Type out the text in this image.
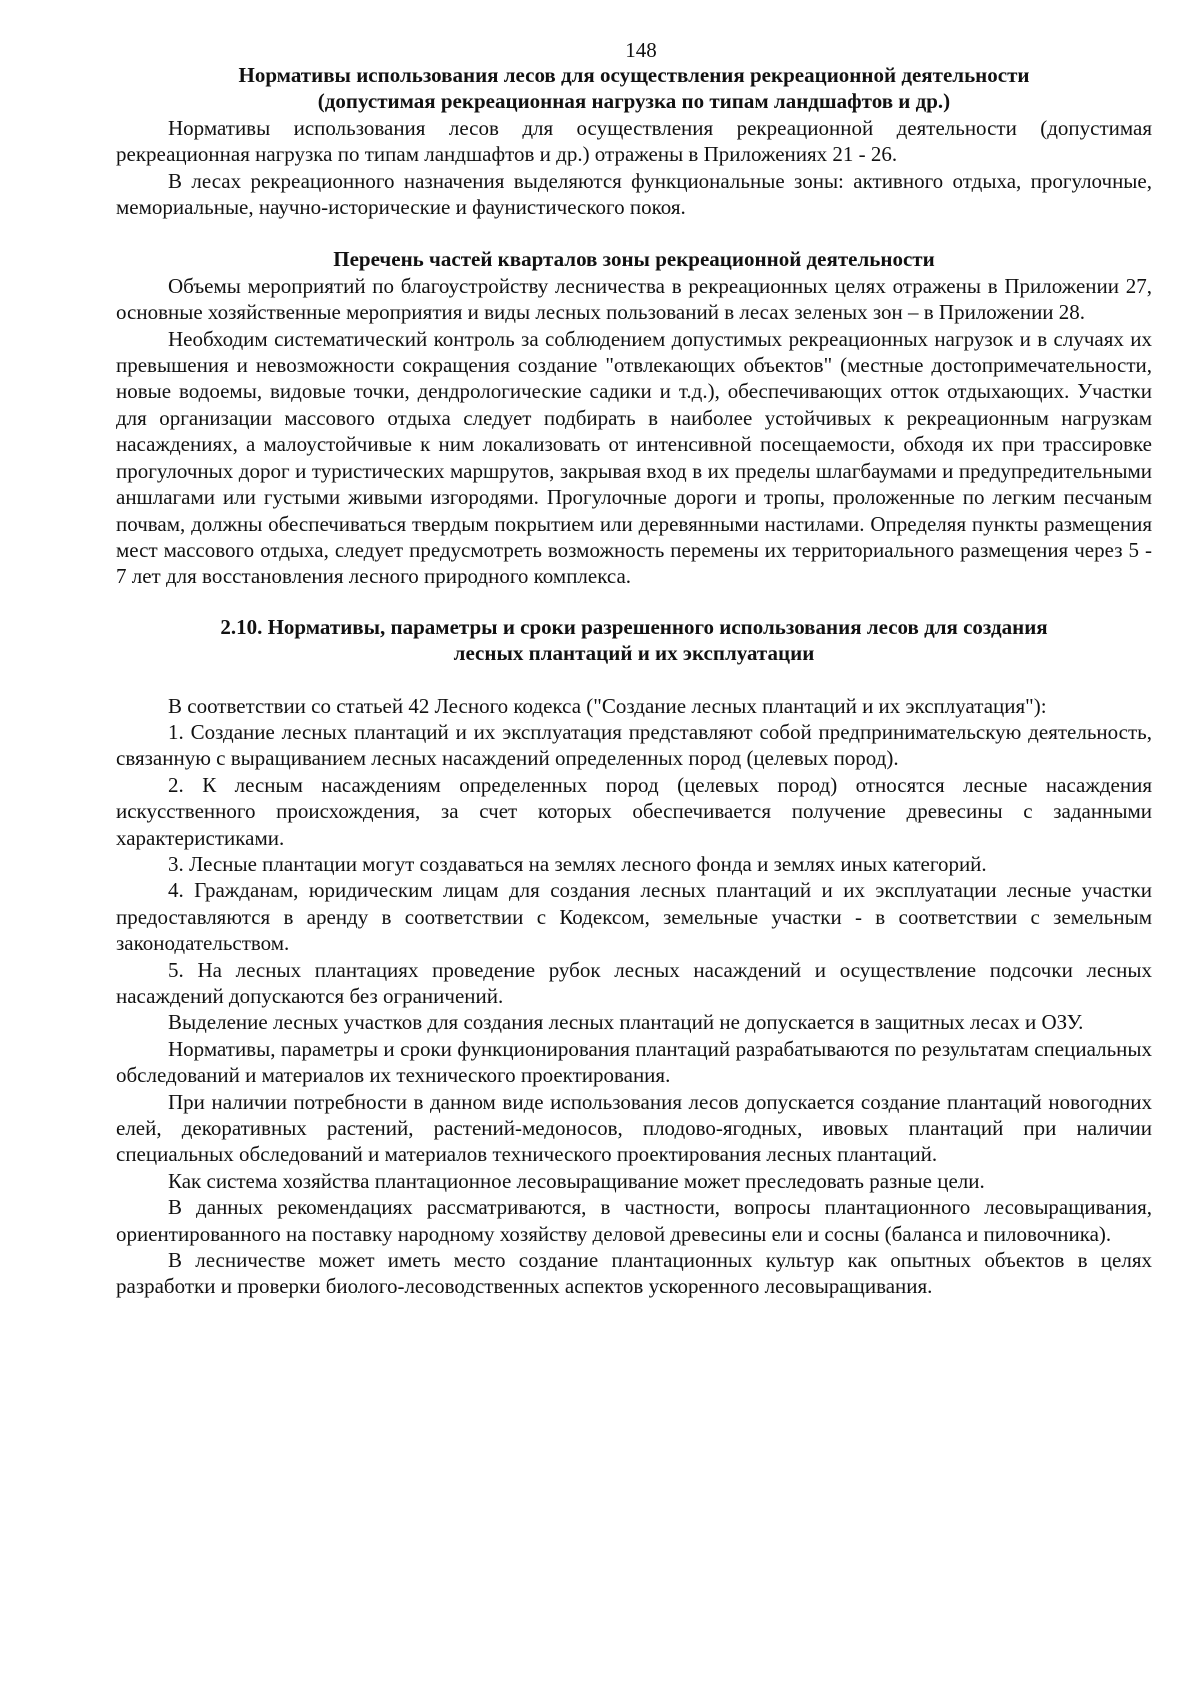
148
Нормативы использования лесов для осуществления рекреационной деятельности
(допустимая рекреационная нагрузка по типам ландшафтов и др.)

Нормативы использования лесов для осуществления рекреационной деятельности (допустимая рекреационная нагрузка по типам ландшафтов и др.) отражены в Приложениях 21 - 26.

В лесах рекреационного назначения выделяются функциональные зоны: активного отдыха, прогулочные, мемориальные, научно-исторические и фаунистического покоя.

Перечень частей кварталов зоны рекреационной деятельности

Объемы мероприятий по благоустройству лесничества в рекреационных целях отражены в Приложении 27, основные хозяйственные мероприятия и виды лесных пользований в лесах зеленых зон – в Приложении 28.

Необходим систематический контроль за соблюдением допустимых рекреационных нагрузок и в случаях их превышения и невозможности сокращения создание "отвлекающих объектов" (местные достопримечательности, новые водоемы, видовые точки, дендрологические садики и т.д.), обеспечивающих отток отдыхающих. Участки для организации массового отдыха следует подбирать в наиболее устойчивых к рекреационным нагрузкам насаждениях, а малоустойчивые к ним локализовать от интенсивной посещаемости, обходя их при трассировке прогулочных дорог и туристических маршрутов, закрывая вход в их пределы шлагбаумами и предупредительными аншлагами или густыми живыми изгородями. Прогулочные дороги и тропы, проложенные по легким песчаным почвам, должны обеспечиваться твердым покрытием или деревянными настилами. Определяя пункты размещения мест массового отдыха, следует предусмотреть возможность перемены их территориального размещения через 5 - 7 лет для восстановления лесного природного комплекса.

2.10. Нормативы, параметры и сроки разрешенного использования лесов для создания
лесных плантаций и их эксплуатации

В соответствии со статьей 42 Лесного кодекса ("Создание лесных плантаций и их эксплуатация"):

1. Создание лесных плантаций и их эксплуатация представляют собой предпринимательскую деятельность, связанную с выращиванием лесных насаждений определенных пород (целевых пород).

2. К лесным насаждениям определенных пород (целевых пород) относятся лесные насаждения искусственного происхождения, за счет которых обеспечивается получение древесины с заданными характеристиками.

3. Лесные плантации могут создаваться на землях лесного фонда и землях иных категорий.

4. Гражданам, юридическим лицам для создания лесных плантаций и их эксплуатации лесные участки предоставляются в аренду в соответствии с Кодексом, земельные участки - в соответствии с земельным законодательством.

5. На лесных плантациях проведение рубок лесных насаждений и осуществление подсочки лесных насаждений допускаются без ограничений.

Выделение лесных участков для создания лесных плантаций не допускается в защитных лесах и ОЗУ.

Нормативы, параметры и сроки функционирования плантаций разрабатываются по результатам специальных обследований и материалов их технического проектирования.

При наличии потребности в данном виде использования лесов допускается создание плантаций новогодних елей, декоративных растений, растений-медоносов, плодово-ягодных, ивовых плантаций при наличии специальных обследований и материалов технического проектирования лесных плантаций.

Как система хозяйства плантационное лесовыращивание может преследовать разные цели.

В данных рекомендациях рассматриваются, в частности, вопросы плантационного лесовыращивания, ориентированного на поставку народному хозяйству деловой древесины ели и сосны (баланса и пиловочника).

В лесничестве может иметь место создание плантационных культур как опытных объектов в целях разработки и проверки биолого-лесоводственных аспектов ускоренного лесовыращивания.
